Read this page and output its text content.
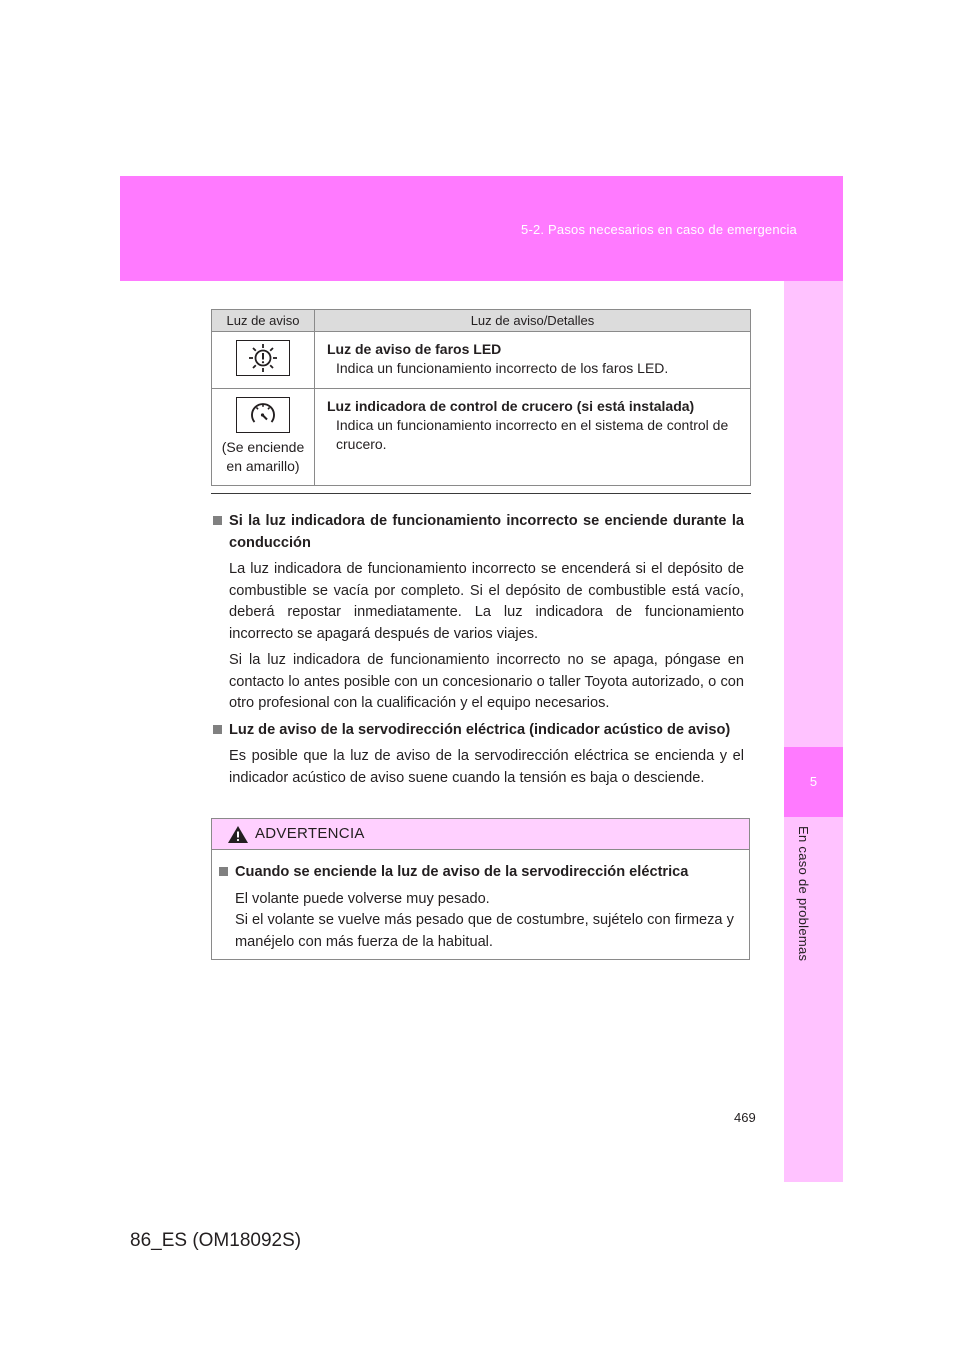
5-2. Pasos necesarios en caso de emergencia
5
En caso de problemas
Luz de aviso	Luz de aviso/Detalles

Luz de aviso de faros LED
Indica un funcionamiento incorrecto de los faros LED.

(Se enciende en amarillo)	Luz indicadora de control de crucero (si está instalada)
Indica un funcionamiento incorrecto en el sistema de control de crucero.
Si la luz indicadora de funcionamiento incorrecto se enciende durante la conducción
La luz indicadora de funcionamiento incorrecto se encenderá si el depósito de combustible se vacía por completo. Si el depósito de combustible está vacío, deberá repostar inmediatamente. La luz indicadora de funcionamiento incorrecto se apagará después de varios viajes.
Si la luz indicadora de funcionamiento incorrecto no se apaga, póngase en contacto lo antes posible con un concesionario o taller Toyota autorizado, o con otro profesional con la cualificación y el equipo necesarios.
Luz de aviso de la servodirección eléctrica (indicador acústico de aviso)
Es posible que la luz de aviso de la servodirección eléctrica se encienda y el indicador acústico de aviso suene cuando la tensión es baja o desciende.
ADVERTENCIA
Cuando se enciende la luz de aviso de la servodirección eléctrica
El volante puede volverse muy pesado.
Si el volante se vuelve más pesado que de costumbre, sujételo con firmeza y manéjelo con más fuerza de la habitual.
469
86_ES (OM18092S)
